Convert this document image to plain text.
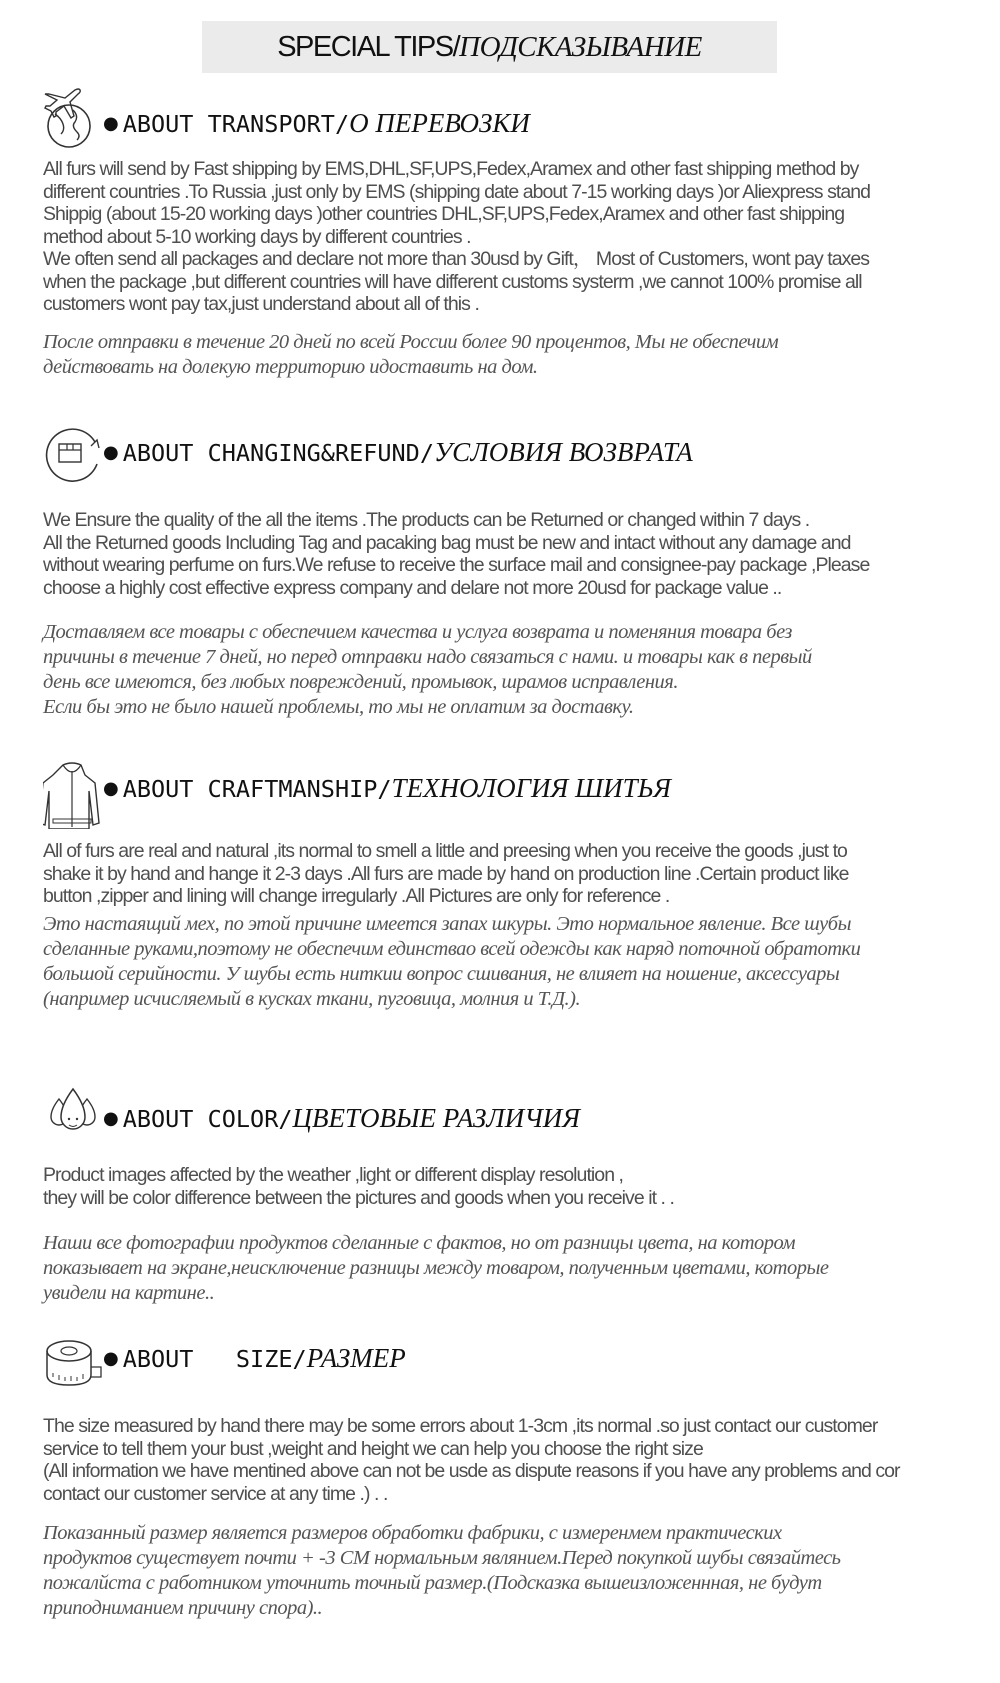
SPECIAL TIPS/ ПОДСКАЗЫВАНИЕ
● ABOUT TRANSPORT/ О ПЕРЕВОЗКИ
All furs will send by Fast shipping by EMS,DHL,SF,UPS,Fedex,Aramex and other fast shipping method by
different countries .To Russia ,just only by EMS (shipping date about 7-15 working days )or Aliexpress stand
Shippig (about 15-20 working days )other countries DHL,SF,UPS,Fedex,Aramex and other fast shipping
method about 5-10 working days by different countries .
We often send all packages and declare not more than 30usd by Gift， Most of Customers, wont pay taxes
when the package ,but different countries will have different customs systerm ,we cannot 100% promise all
customers wont pay tax,just understand about all of this .
После отправки в течение 20 дней по всей России более 90 процентов, Мы не обеспечим
действовать на долекую территорию идоставить на дом.
● ABOUT CHANGING&REFUND/ УСЛОВИЯ ВОЗВРАТА
We Ensure the quality of the all the items .The products can be Returned or changed within 7 days .
All the Returned goods Including Tag and pacaking bag must be new and intact without any damage and
without wearing perfume on furs.We refuse to receive the surface mail and consignee-pay package ,Please
choose a highly cost effective express company and delare not more 20usd for package value ..
Доставляем все товары с обеспечием качества и услуга возврата и поменяния товара без
причины в течение 7 дней, но перед отправки надо связаться с нами. и товары как в первый
день все имеются, без любых повреждений, промывок, шрамов исправления.
Если бы это не было нашей проблемы, то мы не оплатим за доставку.
● ABOUT CRAFTMANSHIP/ ТЕХНОЛОГИЯ ШИТЬЯ
All of furs are real and natural ,its normal to smell a little and preesing when you receive the goods ,just to
shake it by hand and hange it 2-3 days .All furs are made by hand on production line .Certain product like
button ,zipper and lining will change irregularly .All Pictures are only for reference .
Это настаящий мех, по этой причине имеется запах шкуры. Это нормальное явление. Все шубы
сделанные руками,поэтому не обеспечим единстваo всей одежды как наряд поточной обратотки
большой серийности. У шубы есть ниткии вопрос сшивания, не влияет на ношение, аксессуары
(например исчисляемый в кусках ткани, пуговица, молния и Т.Д.).
● ABOUT COLOR/ ЦВЕТОВЫЕ РАЗЛИЧИЯ
Product images affected by the weather ,light or different display resolution ,
they will be color difference between the pictures and goods when you receive it . .
Наши все фотографии продуктов сделанные с фактов, но от разницы цвета, на котором
показывает на экране,неисключение разницы между товаром, полученным цветами, которые
увидели на картине..
● ABOUT   SIZE/ РАЗМЕР
The size measured by hand there may be some errors about 1-3cm ,its normal .so just contact our customer
service to tell them your bust ,weight and height we can help you choose the right size
(All information we have mentined above can not be usde as dispute reasons if you have any problems and cor
contact our customer service at any time .) . .
Показанный размер является размеров обработки фабрики, с измеренмем практических
продуктов существует почти + -3 СМ нормальным являнием.Перед покупкой шубы связайтесь
пожалйста с работником уточнить точный размер.(Подсказка вышеизложеннная, не будут
приподниманием причину спора)..
